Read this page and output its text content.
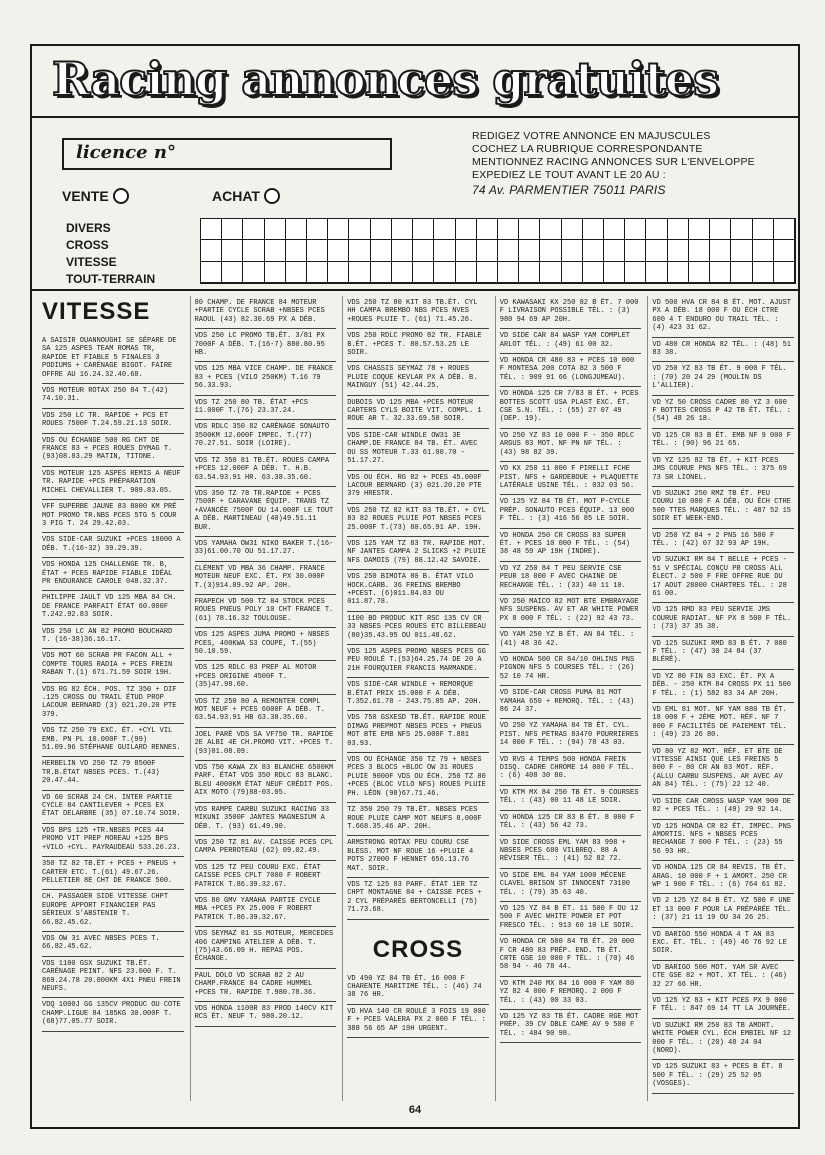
Racing annonces gratuites
licence n°
REDIGEZ VOTRE ANNONCE EN MAJUSCULES
COCHEZ LA RUBRIQUE CORRESPONDANTE
MENTIONNEZ RACING ANNONCES SUR L'ENVELOPPE
EXPEDIEZ LE TOUT AVANT LE 20 AU :
74 Av. PARMENTIER 75011 PARIS
VENTE	ACHAT
DIVERS
CROSS
VITESSE
TOUT-TERRAIN
VITESSE
A SAISIR OUANNOUGHI SE SÉPARE DE SA 125 ASPES TEAM ROMAS TR, RAPIDE ET FIABLE 5 FINALES 3 PODIUMS + CARÉNAGE BIGOT. FAIRE OFFRE AU 16.24.32.40.68.
VDS MOTEUR ROTAX 250 84 T.(42) 74.10.31.
VDS 250 LC TR. RAPIDE + PCS ET ROUES 7500F T.24.59.21.13 SOIR.
VDS OU ÉCHANGE 500 RG CHT DE FRANCE 83 + PCES ROUES DYMAG T.(93)08.83.29 MATIN, TITONE.
VDS MOTEUR 125 ASPES REMIS A NEUF TR. RAPIDE +PCS PRÉPARATION MICHEL CHEVALLIER T. 909.83.05.
VFF SUPERBE JAUNE 83 8000 KM PRÉ MOT PROMO TR.NBS PCES 5TG 5 COUR 3 PIG T. 24 29.42.03.
VDS SIDE-CAR SUZUKI +PCES 18000 A DÉB. T.(16-32) 39.29.39.
VDS HONDA 125 CHALLENGE TR. B, ÉTAT + PCES RAPIDE FIABLE IDÉAL PR ENDURANCE CAROLE 048.32.37.
PHILIPPE JAULT VD 125 MBA 84 CH. DE FRANCE PARFAIT ÉTAT 60.000F T.242.92.83 SOIR.
VDS 250 LC AN 82 PROMO BOUCHARD T. (16-38)36.16.17.
VDS MOT 60 SCRAB PR FACON ALL + COMPTE TOURS RADIA + PCES FREIN RABAN T.(1) 671.71.59 SOIR 19H.
VDS RG 82 ÉCH. POS. TZ 350 + DIF .125 CROSS OU TRAIL ÉTUD PROP LACOUR BERNARD (3) 021.20.20 PTE 379.
VDS TZ 250 79 EXC. ÉT. +CYL VIL EMB. PN PL 10.000F T.(99) 51.09.96 STÉPHANE GUILARD RENNES.
HERBELIN VD 250 TZ 79 8500F TR.B.ÉTAT NBSES PCES. T.(43) 20.47.44.
VD 60 SCRAB 24 CH. INTER PARTIE CYCLE 84 CANTILEVER + PCES EX ÉTAT DELARBRE (35) 07.10.74 SOIR.
VDS BPS 125 +TR.NBSES PCES 44 PROMO VIT PREP MOREAU +125 BPS +VILO +CYL. PAYRAUDEAU 533.26.23.
350 TZ 82 TB.ÉT + PCES + PNEUS + CARTER ETC. T.(61) 49.67.26. PELLETIER 8E CHT DE FRANCE 500.
CH. PASSAGER SIDE VITESSE CHPT EUROPE APPORT FINANCIER PAS SÉRIEUX S'ABSTENIR T. 66.82.45.62.
VDS OW 31 AVEC NBSES PCES T. 66.82.45.62.
VDS 1100 GSX SUZUKI TB.ÉT. CARÉNAGE PEINT. NFS 23.000 F. T. 869.24.78 20.000KM 4X1 PNEU FREIN NEUFS.
VDQ 1000J GG 135CV PRODUC OU COTE CHAMP.LIGUE 84 185KG 30.000F T.(68)77.05.77 SOIR.
80 CHAMP. DE FRANCE 84 MOTEUR +PARTIE CYCLE SCRAB +NBSES PCES RAOUL (43) 82.30.69 PX A DÉB.
VDS 250 LC PROMO TB.ÉT. 3/81 PX 7000F A DÉB. T.(16-7) 880.80.95 HB.
VDS 125 MBA VICE CHAMP. DE FRANCE 83 + PCES (VILO 250KM) T.16 79 56.33.93.
VDS TZ 250 80 TB. ÉTAT +PCS 11.000F T.(76) 23.37.24.
VDS RDLC 350 82 CARÉNAGE SONAUTO 3500KM 12.000F IMPEC. T.(77) 70.27.51. SOIR (LOIRE).
VDS TZ 350 81 TB.ÉT. ROUES CAMPA +PCES 12.000F A DÉB. T. H.B. 63.54.93.91 HR. 63.38.35.60.
VDS 350 TZ 78 TR.RAPIDE + PCES 7500F + CARAVANE ÉQUIP. TRANS TZ +AVANCÉE 7500F OU 14.000F LE TOUT A DÉB. MARTINEAU (40)49.51.11 BUR.
VDS YAMAHA OW31 NIKO BAKER T.(16-33)61.00.70 OU 51.17.27.
CLÉMENT VD MBA 36 CHAMP. FRANCE MOTEUR NEUF EXC. ÉT. PX 30.000F T.(3)914.89.92 AP. 20H.
FRAPECH VD 500 TZ 84 STOCK PCES ROUES PNEUS POLY 10 CHT FRANCE T.(61) 78.16.32 TOULOUSE.
VDS 125 ASPES JUMA PROMO + NBSES PCES, 400KWA S3 COUPE, T.(55) 50.10.59.
VDS 125 RDLC 83 PREP AL MOTOR +PCES ORIGINE 4500F T.(35)47.98.60.
VDS TZ 250 80 A REMONTER COMPL MOT NEUF + PCES 6000F A DÉB. T. 63.54.93.91 HB 63.38.35.60.
JOEL PARÉ VDS SA VF750 TR. RAPIDE 2E ALBI 4E CH.PROMO VIT. +PCES T.(93)01.08.09.
VDS 750 KAWA ZX 83 BLANCHE 6500KM PARF. ÉTAT VDS 350 RDLC 83 BLANC. BLEU 4000KM ÉTAT NEUF CRÉDIT POS. AIX MOTO (79)88-03.05.
VDS RAMPE CARBU SUZUKI RACING 33 MIKUNI 3500F JANTES MAGNESIUM A DÉB. T. (93) 61.49.90.
VDS 250 TZ 81 AV. CAISSE PCES CPL CAMPA PERROTEAU (62) 09.02.49.
VDS 125 TZ PEU COURU EXC. ÉTAT CAISSE PCES CPLT 7000 F ROBERT PATRICK T.86.39.32.67.
VDS 80 GMV YAMAHA PARTIE CYCLE MBA +PCES PX 25.000 F ROBERT PATRICK T.86.39.32.67.
VDS SEYMAZ 81 SS MOTEUR, MERCEDES 406 CAMPING ATELIER A DÉB. T.(75)43.66.09 H. REPAS POS. ÉCHANGE.
PAUL DOLO VD SCRAB 82 2 AU CHAMP.FRANCE 84 CADRE HUMMEL +PCES TR. RAPIDE T.980.78.36.
VDS HONDA 1100R 83 PROD 140CV KIT RCS ÉT. NEUF T. 980.20.12.
VDS 250 TZ 80 KIT 83 TB.ÉT. CYL HH CAMPA BREMBO NBS PCES NVES +ROUES PLUIE T. (61) 71.45.26.
VDS 250 RDLC PROMO 82 TR. FIABLE B.ÉT. +PCES T. 80.57.53.25 LE SOIR.
VDS CHASSIS SEYMAZ 78 + ROUES PLUIE COQUE KEVLAR PX A DÉB. B. MAINGUY (51) 42.44.25.
DUBOIS VD 125 MBA +PCES MOTEUR CARTERS CYLS BOITE VIT. COMPL. 1 ROUE AR T. 32.33.69.58 SOIR.
VDS SIDE-CAR WINDLE OW31 3E CHAMP.DE FRANCE 84 TB. ÉT. AVEC OU SS MOTEUR T.33 61.00.70 - 51.17.27.
VDS OU ÉCH. RG 82 + PCES 45.000F LACOUR BERNARD (3) 021.20.20 PTE 379 HRESTR.
VDS 250 TZ 82 KIT 83 TB.ÉT. + CYL 83 82 ROUES PLUIE POT NBSES PCES 25.000F T.(73) 80.65.91 AP. 19H.
VDS 125 YAM TZ 83 TR. RAPIDE MOT. NF JANTES CAMPA 2 SLICKS +2 PLUIE NFS DAMOIS (79) 88.12.42 SAVOIE.
VDS 250 BIMOTA 80 B. ÉTAT VILO HOCK.CARB. 36 FREINS BREMBO +PCEST. (6)011.84.83 OU 011.87.78.
1100 BO PRODUC KIT RSC 135 CV CR 33 NBSES PCES ROUES ETC BILLEBEAU (80)35.43.95 OU 011.48.62.
VDS 125 ASPES PROMO NBSES PCES GG PEU ROULÉ T.(53)64.25.74 DE 20 A 21H FOURQUIER FRANCIS MARMANDE.
VDS SIDE-CAR WINDLE + REMORQUE B.ÉTAT PRIX 15.000 F A DÉB. T.352.61.78 - 243.75.85 AP. 20H.
VDS 750 GSXESD TB.ÉT. RAPIDE ROUE DIMAG PREPMOT NBSES PCES + PNEUS MOT BTE EMB NFS 25.000F T.881 03.93.
VDS OU ÉCHANGE 350 TZ 79 + NBSES PCES 3 BLOCS +BLOC OW 31 ROUES PLUIE 9000F VDS OU ÉCH. 250 TZ 80 +PCES (BLOC VILO NFS) ROUES PLUIE PH. LÉON (98)67.71.46.
TZ 350 250 79 TB.ÉT. NBSES PCES ROUE PLUIE CAMP MOT NEUFS 8.000F T.668.35.46 AP. 20H.
ARMSTRONG ROTAX PEU COURU CSE BLESS. MOT NF ROUE 16 +PLUIE 4 POTS 27000 F HENNET 656.13.76 MAT. SOIR.
VDS TZ 125 83 PARF. ÉTAT 1ER TZ CHPT MONTAGNE 84 + CAISSE PCES + 2 CYL PRÉPARÉS BERTONCELLI (75) 71.73.68.
CROSS
VD 490 YZ 84 TB ÉT. 16 000 F CHARENTE MARITIME TÉL. : (46) 74 38 76 HR.
VD HVA 140 CR ROULÉ 3 FOIS 19 000 F + PCES VALERA PX 2 000 F TÉL. : 388 56 65 AP 19H URGENT.
VD KAWASAKI KX 250 82 B ÉT. 7 000 F LIVRAISON POSSIBLE TÉL. : (3) 980 94 69 AP 20H.
VD SIDE CAR 84 WASP YAM COMPLET ARLOT TÉL. : (49) 61 00 32.
VD HONDA CR 480 83 + PCES 10 000 F MONTESA 200 COTA 82 3 500 F TÉL. : 909 91 66 (LONGJUMEAU).
VD HONDA 125 CR 7/83 B ÉT. + PCES BOTTES SCOTT USA PLAST EXC. ÉT. CSE S.N. TÉL. : (55) 27 07 49 (DEP. 19).
VD 250 YZ 83 10 000 F - 350 RDLC ARGUS 83 MOT. NF PN NF TÉL. : (43) 98 82 39.
VD KX 250 11 000 F PIRELLI FCHE PIST. NFS + GARDEBOUE + PLAQUETTE LATÉRALE USINE TÉL. : 032 03 56.
VD 125 YZ 84 TB ÉT. MOT P-CYCLE PRÉP. SONAUTO PCES ÉQUIP. 13 000 F TÉL. : (3) 416 56 85 LE SOIR.
VD HONDA 250 CR CROSS 83 SUPER ÉT. + PCES 10 000 F TÉL. : (54) 38 48 59 AP 19H (INDRE).
VD YZ 250 84 T PEU SERVIE CSE PEUR 18 000 F AVEC CHAINE DE RECHANGE TÉL. : (33) 40 11 10.
VD 250 MAICO 82 MOT BTE EMBRAYAGE NFS SUSPENS. AV ET AR WHITE POWER PX 8 000 F TÉL. : (22) 92 43 73.
VD YAM 250 YZ B ÉT. AN 84 TÉL. : (41) 48 36 42.
VD HONDA 500 CR 84/10 OHLINS PNS PIGNON NFS 5 COURSES TÉL. : (26) 52 10 74 HR.
VD SIDE-CAR CROSS PUMA 81 MOT YAMAHA 650 + REMORQ. TÉL. : (43) 86 24 37.
VD 250 YZ YAMAHA 84 TB ÉT. CYL. PIST. NFS PETRAS 83470 POURRIERES 14 000 F TÉL. : (94) 78 43 03.
VD RVS 4 TEMPS 500 HONDA FREIN DISQ. CADRE CHROME 14 000 F TÉL. : (6) 408 30 80.
VD KTM MX 84 250 TB ÉT. 9 COURSES TÉL. : (43) 00 11 48 LE SOIR.
VD HONDA 125 CR 83 B ÉT. 8 000 F TÉL. : (43) 56 42 73.
VD SIDE CROSS EML YAM 83 998 + NBSES PCES 680 VILBREQ. 88 A RÉVISER TÉL. : (41) 52 82 72.
VD SIDE EML 84 YAM 1000 MÉCENE CLAVEL BRISON ST INNOCENT 73100 TÉL. : (79) 35 63 40.
VD 125 YZ 84 B ÉT. 11 500 F OU 12 500 F AVEC WHITE POWER ET POT FRESCO TÉL. : 913 60 10 LE SOIR.
VD HONDA CR 500 84 TB ÉT. 20 000 F CR 480 83 PRÉP. END. TB ÉT. CRTE GSE 10 000 F TÉL. : (70) 46 58 94 - 46 78 44.
VD KTM 240 MX 84 16 000 F YAM 80 YZ 82 4 000 F REMORQ. 2 000 F TÉL. : (43) 00 33 03.
VD 125 YZ 83 TB ÉT. CADRE RGE MOT PRÉP. 39 CV DBLE CAME AV 9 500 F TÉL. : 484 90 98.
VD 500 HVA CR 84 B ÉT. MOT. AJUST PX A DÉB. 18 000 F OU ÉCH CTRE 600 4 T ENDURO OU TRAIL TÉL. : (4) 423 31 62.
VD 480 CR HONDA 82 TÉL. : (48) 51 83 38.
VD 250 YZ 83 TB ÉT. 9 000 F TÉL. : (70) 20 24 29 (MOULIN DS L'ALLIER).
VD YZ 50 CROSS CADRE 80 YZ 3 600 F BOTTES CROSS P 42 TB ÉT. TÉL. : (54) 48 26 18.
VD 125 CR 83 B ÉT. EMB NF 9 000 F TÉL. : (90) 96 21 65.
VD YZ 125 82 TB ÉT. + KIT PCES JMS COURUE PNS NFS TÉL. : 375 69 73 SR LIONEL.
VD SUZUKI 250 RMZ TB ÉT. PEU COURU 10 000 F A DÉB. OU ÉCH CTRE 500 TTES MARQUES TÉL. : 487 52 15 SOIR ET WEEK-END.
VD 250 YZ 84 + 2 PNS 16 500 F TÉL. : (42) 07 32 93 AP 19H.
VD SUZUKI RM 84 T BELLE + PCES - 51 V SPÉCIAL CONÇU PR CROSS ALL ÉLECT. 2 500 F FRE OFFRE RUE DU 17 AOUT 28000 CHARTRES TÉL. : 28 61 00.
VD 125 RMD 83 PEU SERVIE JMS COURUE RADIAT. NF PX 8 500 F TÉL. : (73) 37 35 38.
VD 125 SUZUKI RMD 83 B ÉT. 7 000 F TÉL. : (47) 30 24 84 (37 BLÉRÉ).
VD YZ 80 FIN 83 EXC. ÉT. PX A DÉB. - 250 KTM 84 CROSS PX 11 500 F TÉL. : (1) 582 83 34 AP 20H.
VD EML 81 MOT. NF YAM 880 TB ÉT. 18 000 F + 2ÈME MOT. RÉF. NF 7 000 F FACILITÉS DE PAIEMENT TÉL. : (49) 23 26 80.
VD 80 YZ 82 MOT. RÉF. ET BTE DE VITESSE AINSI QUE LES FREINS 5 000 F - 80 CR AN 83 MOT. RÉF. (ALLU CARBU SUSPENS. AR AVEC AV AN 84) TÉL. : (75) 22 12 40.
VD SIDE CAR CROSS WASP YAM 900 DE 82 + PCES TÉL. : (49) 29 92 14.
VD 125 HONDA CR 82 ÉT. IMPEC. PNS AMORTIS. NFS + NBSES PCES RECHANGE 7 000 F TÉL. : (23) 55 56 93 HR.
VD HONDA 125 CR 84 REVIS. TB ÉT. ARAG. 10 000 F + 1 AMORT. 250 CR WP 1 900 F TÉL. : (6) 764 61 82.
VD 2 125 YZ 84 B ÉT. YZ 500 F UNE ET 13 000 F POUR LA PRÉPARÉE TÉL. : (37) 21 11 19 OU 34 26 25.
VD BARIGO 550 HONDA 4 T AN 83 EXC. ÉT. TÉL. : (49) 46 76 92 LE SOIR.
VD BARIGO 500 MOT. YAM SR AVEC CTE GSE 82 + MOT. XT TÉL. : (46) 32 27 66 HR.
VD 125 YZ 83 + KIT PCES PX 9 000 F TÉL. : 847 69 14 TT LA JOURNÉE.
VD SUZUKI RM 250 83 TB AMORT. WHITE POWER CYL. ÉCH EMBIEL NF 12 000 F TÉL. : (20) 48 24 04 (NORD).
VD 125 SUZUKI 83 + PCES B ÉT. 8 500 F TÉL. : (29) 25 52 05 (VOSGES).
64
